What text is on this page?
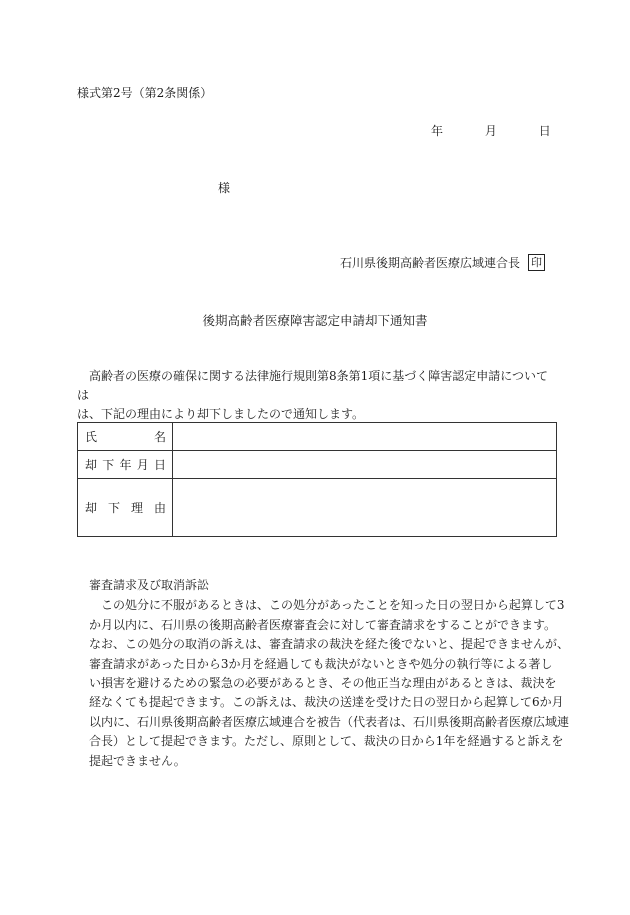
様式第2号（第2条関係）
年	月	日
様
石川県後期高齢者医療広域連合長 印
後期高齢者医療障害認定申請却下通知書

　高齢者の医療の確保に関する法律施行規則第8条第1項に基づく障害認定申請については

は、下記の理由により却下しましたので通知します。

氏 名	

却 下 年 月 日	

却 下 理 由	

審査請求及び取消訴訟

　この処分に不服があるときは、この処分があったことを知った日の翌日から起算して3
か月以内に、石川県の後期高齢者医療審査会に対して審査請求をすることができます。
なお、この処分の取消の訴えは、審査請求の裁決を経た後でないと、提起できませんが、
審査請求があった日から3か月を経過しても裁決がないときや処分の執行等による著し
い損害を避けるための緊急の必要があるとき、その他正当な理由があるときは、裁決を
経なくても提起できます。この訴えは、裁決の送達を受けた日の翌日から起算して6か月
以内に、石川県後期高齢者医療広域連合を被告（代表者は、石川県後期高齢者医療広域連
合長）として提起できます。ただし、原則として、裁決の日から1年を経過すると訴えを
提起できません。
